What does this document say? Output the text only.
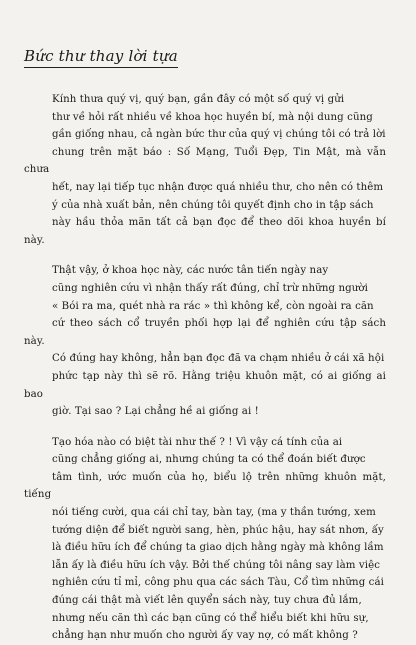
Bức thư thay lời tựa

Kính thưa quý vị, quý bạn, gần đây có một số quý vị gửi
thư về hỏi rất nhiều về khoa học huyền bí, mà nội dung cũng
gần giống nhau, cả ngàn bức thư của quý vị chúng tôi có trả lời
chung trên mặt báo : Số Mạng, Tuổi Đẹp, Tin Mật, mà vẫn chưa
hết, nay lại tiếp tục nhận được quá nhiều thư, cho nên có thêm
ý của nhà xuất bản, nên chúng tôi quyết định cho in tập sách
này hầu thỏa mãn tất cả bạn đọc để theo dõi khoa huyền bí này.

Thật vậy, ở khoa học này, các nước tân tiến ngày nay
cũng nghiên cứu vì nhận thấy rất đúng, chỉ trừ những người
« Bói ra ma, quét nhà ra rác » thì không kể, còn ngoài ra căn
cứ theo sách cổ truyền phối hợp lại để nghiên cứu tập sách này.
Có đúng hay không, hẳn bạn đọc đã va chạm nhiều ở cái xã hội
phức tạp này thì sẽ rõ. Hằng triệu khuôn mặt, có ai giống ai bao
giờ. Tại sao ? Lại chẳng hề ai giống ai !

Tạo hóa nào có biệt tài như thế ? ! Vì vậy cá tính của ai
cũng chẳng giống ai, nhưng chúng ta có thể đoán biết được
tâm tình, ước muốn của họ, biểu lộ trên những khuôn mặt, tiếng
nói tiếng cười, qua cái chỉ tay, bàn tay, (ma y thần tướng, xem
tướng diện để biết người sang, hèn, phúc hậu, hay sát nhơn, ấy
là điều hữu ích để chúng ta giao dịch hằng ngày mà không lầm
lẫn ấy là điều hữu ích vậy. Bởi thế chúng tôi nâng say làm việc
nghiên cứu tỉ mỉ, công phu qua các sách Tàu, Cổ tìm những cái
đúng cái thật mà viết lên quyển sách này, tuy chưa đủ lắm,
nhưng nếu căn thì các bạn cũng có thể hiểu biết khi hữu sự,
chẳng hạn như muốn cho người ấy vay nợ, có mất không ?
